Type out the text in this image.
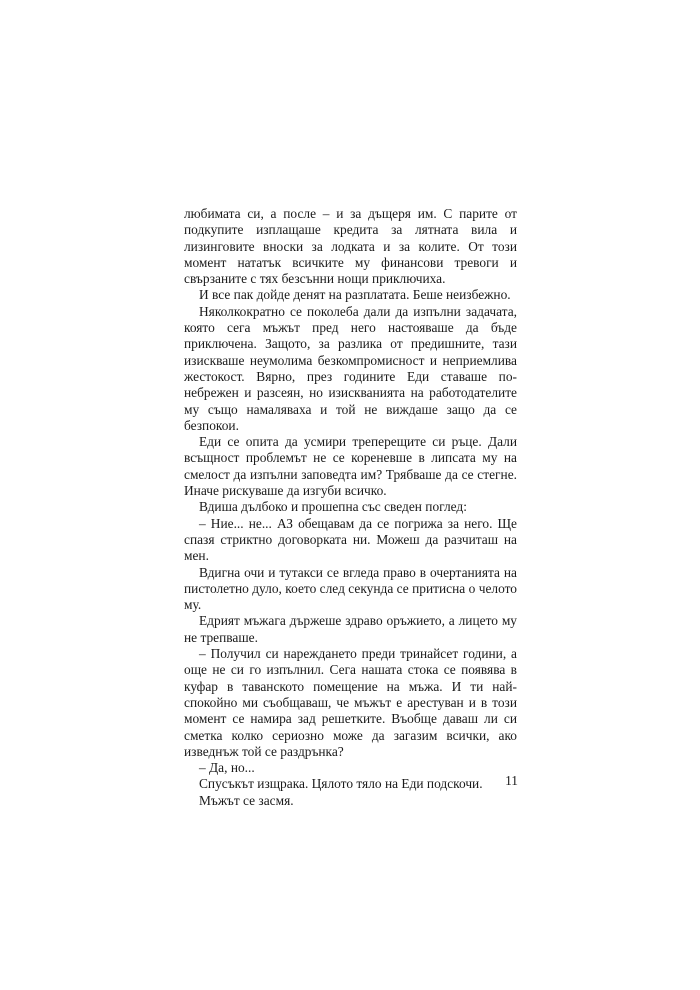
любимата си, а после – и за дъщеря им. С парите от подкупите изплащаше кредита за лятната вила и лизинговите вноски за лодката и за колите. От този момент нататък всичките му финансови тревоги и свързаните с тях безсънни нощи приключиха.

И все пак дойде денят на разплатата. Беше неизбежно.

Няколкократно се поколеба дали да изпълни задачата, която сега мъжът пред него настояваше да бъде приключена. Защото, за разлика от предишните, тази изискваше неумолима безкомпромисност и неприемлива жестокост. Вярно, през годините Еди ставаше по-небрежен и разсеян, но изискванията на работодателите му също намаляваха и той не виждаше защо да се безпокои.

Еди се опита да усмири треперещите си ръце. Дали всъщност проблемът не се кореневше в липсата му на смелост да изпълни заповедта им? Трябваше да се стегне. Иначе рискуваше да изгуби всичко.

Вдиша дълбоко и прошепна със сведен поглед:

– Ние... не... АЗ обещавам да се погрижа за него. Ще спазя стриктно договорката ни. Можеш да разчиташ на мен.

Вдигна очи и тутакси се вгледа право в очертанията на пистолетно дуло, което след секунда се притисна о челото му.

Едрият мъжага държеше здраво оръжието, а лицето му не трепваше.

– Получил си нареждането преди тринайсет години, а още не си го изпълнил. Сега нашата стока се появява в куфар в таванското помещение на мъжа. И ти най-спокойно ми съобщаваш, че мъжът е арестуван и в този момент се намира зад решетките. Въобще даваш ли си сметка колко сериозно може да загазим всички, ако изведнъж той се раздрънка?

– Да, но...

Спусъкът изщрака. Цялото тяло на Еди подскочи.

Мъжът се засмя.

11
